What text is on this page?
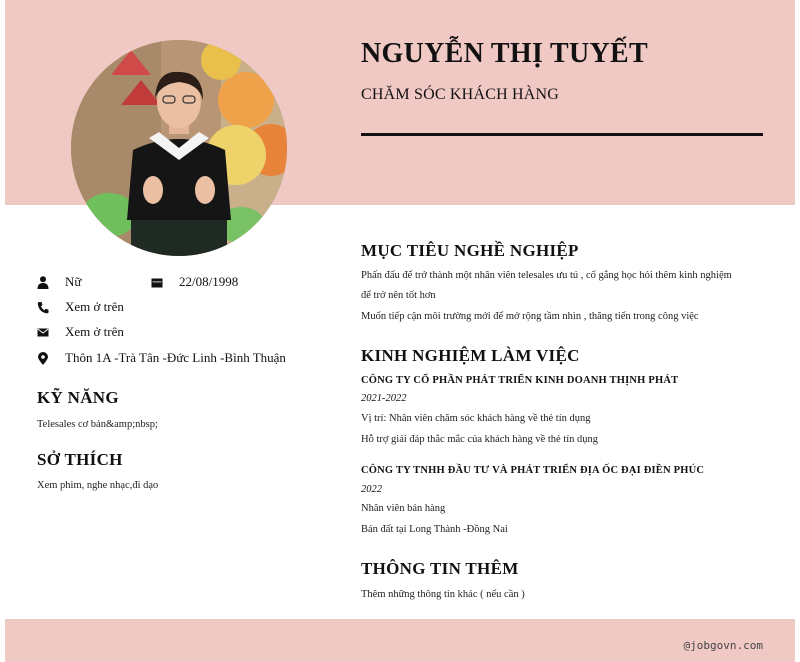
NGUYỄN THỊ TUYẾT
CHĂM SÓC KHÁCH HÀNG
Nữ	22/08/1998
Xem ở trên
Xem ở trên
Thôn 1A -Trà Tân -Đức Linh -Bình Thuận
KỸ NĂNG
Telesales cơ bản&amp;nbsp;
SỞ THÍCH
Xem phim, nghe nhạc,đi dạo
MỤC TIÊU NGHỀ NGHIỆP
Phấn đấu để trở thành một nhân viên telesales ưu tú , cố gắng học hỏi thêm kinh nghiệm
để trở nên tốt hơn
Muốn tiếp cận môi trường mới để mở rộng tầm nhìn , thăng tiến trong công việc
KINH NGHIỆM LÀM VIỆC
CÔNG TY CỔ PHẦN PHÁT TRIỂN KINH DOANH THỊNH PHÁT
2021-2022
Vị trí: Nhân viên chăm sóc khách hàng về thẻ tín dụng
Hỗ trợ giải đáp thắc mắc của khách hàng về thẻ tín dụng
CÔNG TY TNHH ĐẦU TƯ VÀ PHÁT TRIỂN ĐỊA ỐC ĐẠI ĐIỀN PHÚC
2022
Nhân viên bán hàng
Bán đất tại Long Thành -Đồng Nai
THÔNG TIN THÊM
Thêm những thông tin khác ( nếu cần )
@jobgovn.com
